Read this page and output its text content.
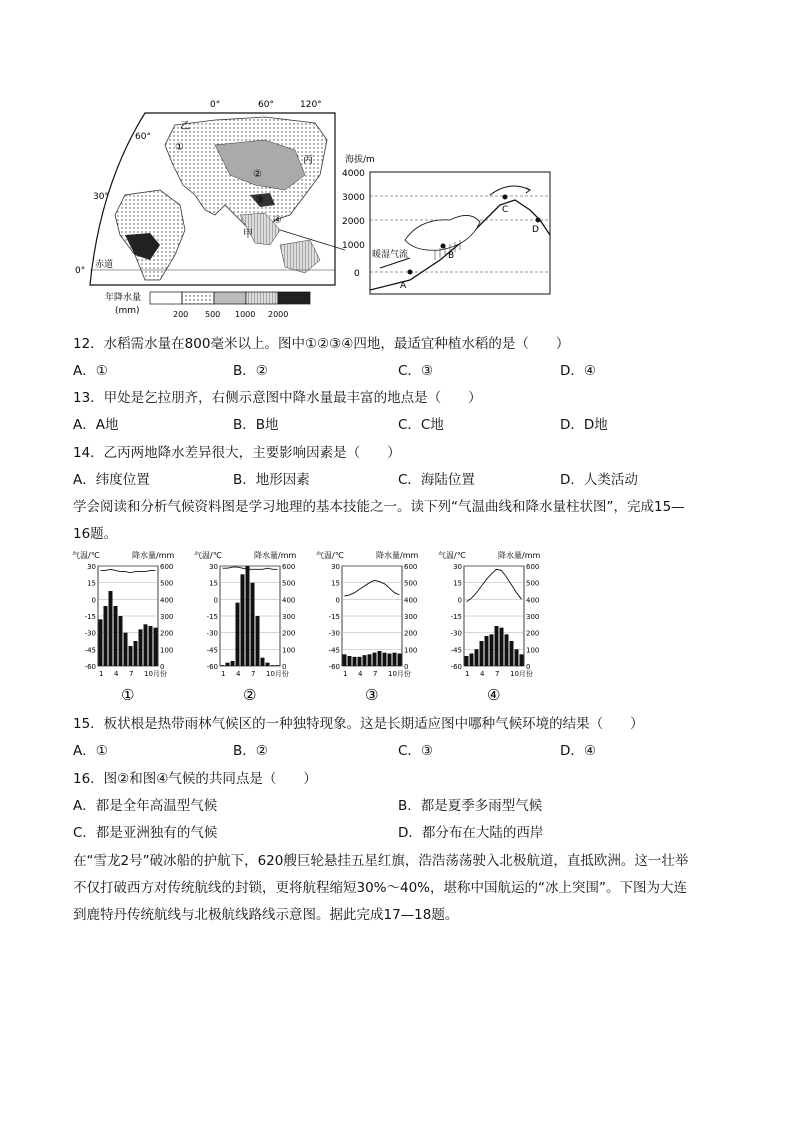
0°	60°	120°
60°
30°
0°
赤道
乙
丙
甲
①
②
③
④
年降水量
(mm)	200 500 1000 2000
海拔/m
4000
3000
2000
1000
0
暖湿气流
A
B
C
D
12．水稻需水量在800毫米以上。图中①②③④四地，最适宜种植水稻的是（　　）
A．①	B．②	C．③	D．④
13．甲处是乞拉朋齐，右侧示意图中降水量最丰富的地点是（　　）
A．A地	B．B地	C．C地	D．D地
14．乙丙两地降水差异很大，主要影响因素是（　　）
A．纬度位置	B．地形因素	C．海陆位置	D．人类活动
学会阅读和分析气候资料图是学习地理的基本技能之一。读下列“气温曲线和降水量柱状图”，完成15—
16题。
气温/℃	降水量/mm
30
15
0
-15
-30
-45
-60
600
500
400
300
200
100
0
1 4 7 10月份
①
气温/℃	降水量/mm
30
15
0
-15
-30
-45
-60
600
500
400
300
200
100
0
1 4 7 10月份
②
气温/℃	降水量/mm
30
15
0
-15
-30
-45
-60
600
500
400
300
200
100
0
1 4 7 10月份
③
气温/℃	降水量/mm
30
15
0
-15
-30
-45
-60
600
500
400
300
200
100
0
1 4 7 10月份
④
15．板状根是热带雨林气候区的一种独特现象。这是长期适应图中哪种气候环境的结果（　　）
A．①	B．②	C．③	D．④
16．图②和图④气候的共同点是（　　）
A．都是全年高温型气候	B．都是夏季多雨型气候
C．都是亚洲独有的气候	D．都分布在大陆的西岸
在“雪龙2号”破冰船的护航下，620艘巨轮悬挂五星红旗，浩浩荡荡驶入北极航道，直抵欧洲。这一壮举
不仅打破西方对传统航线的封锁，更将航程缩短30%～40%，堪称中国航运的“冰上突围”。下图为大连
到鹿特丹传统航线与北极航线路线示意图。据此完成17—18题。
